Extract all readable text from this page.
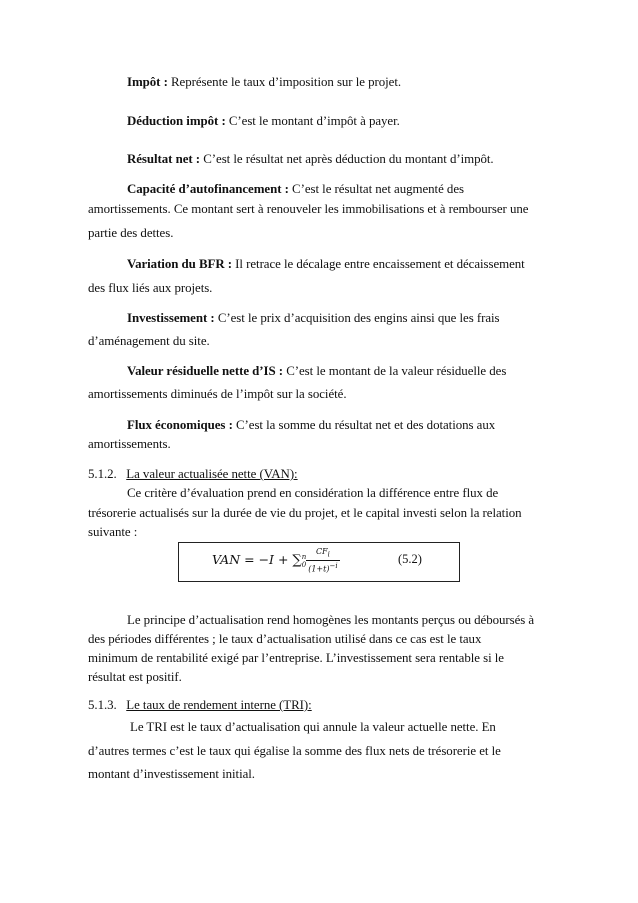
Impôt : Représente le taux d’imposition sur le projet.
Déduction impôt : C’est le montant d’impôt à payer.
Résultat net : C’est le résultat net après déduction du montant d’impôt.
Capacité d’autofinancement : C’est le résultat net augmenté des
amortissements. Ce montant sert à renouveler les immobilisations et à rembourser une
partie des dettes.
Variation du BFR : Il retrace le décalage entre encaissement et décaissement
des flux liés aux projets.
Investissement : C’est le prix d’acquisition des engins ainsi que les frais
d’aménagement du site.
Valeur résiduelle nette d’IS : C’est le montant de la valeur résiduelle des
amortissements diminués de l’impôt sur la société.
Flux économiques : C’est la somme du résultat net et des dotations aux
amortissements.
5.1.2. La valeur actualisée nette (VAN):
Ce critère d’évaluation prend en considération la différence entre flux de
trésorerie actualisés sur la durée de vie du projet, et le capital investi selon la relation
suivante :
VAN = −I + ∑ n
$0 \frac{CF_i}{(1+t)^{-i}}$	(5.2)
Le principe d’actualisation rend homogènes les montants perçus ou déboursés à
des périodes différentes ; le taux d’actualisation utilisé dans ce cas est le taux
minimum de rentabilité exigé par l’entreprise. L’investissement sera rentable si le
résultat est positif.
5.1.3. Le taux de rendement interne (TRI):
Le TRI est le taux d’actualisation qui annule la valeur actuelle nette. En
d’autres termes c’est le taux qui égalise la somme des flux nets de trésorerie et le
montant d’investissement initial.
